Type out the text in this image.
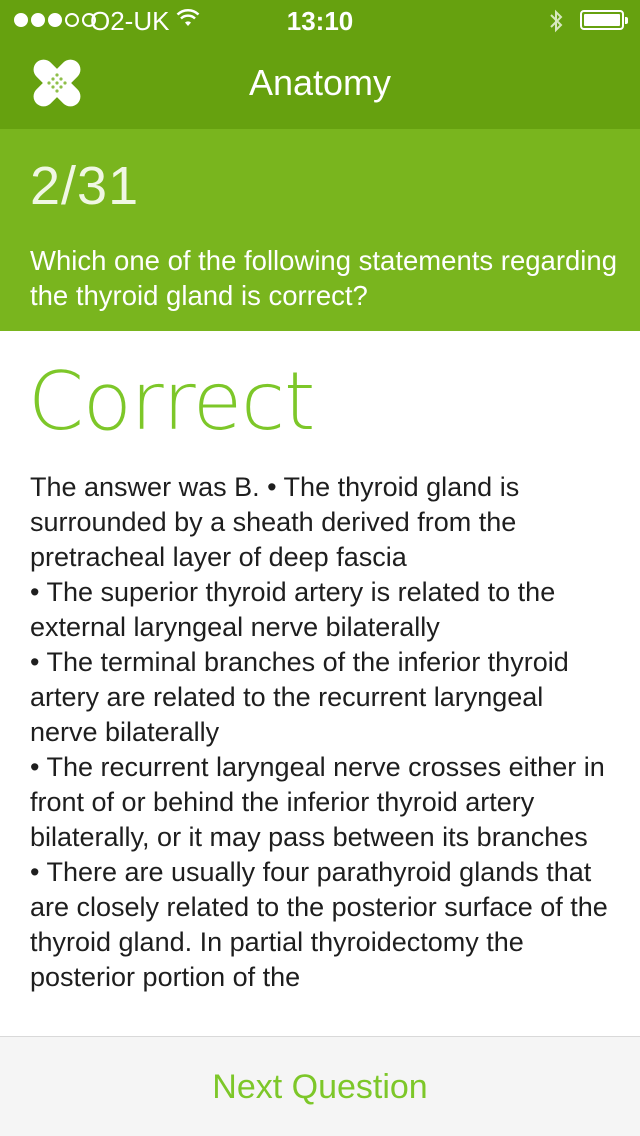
O2-UK	13:10
Anatomy
2/31
Which one of the following statements regarding the thyroid gland is correct?
Correct
The answer was B. • The thyroid gland is surrounded by a sheath derived from the pretracheal layer of deep fascia
• The superior thyroid artery is related to the external laryngeal nerve bilaterally
• The terminal branches of the inferior thyroid artery are related to the recurrent laryngeal nerve bilaterally
• The recurrent laryngeal nerve crosses either in front of or behind the inferior thyroid artery bilaterally, or it may pass between its branches
• There are usually four parathyroid glands that are closely related to the posterior surface of the thyroid gland. In partial thyroidectomy the posterior portion of the
Next Question
